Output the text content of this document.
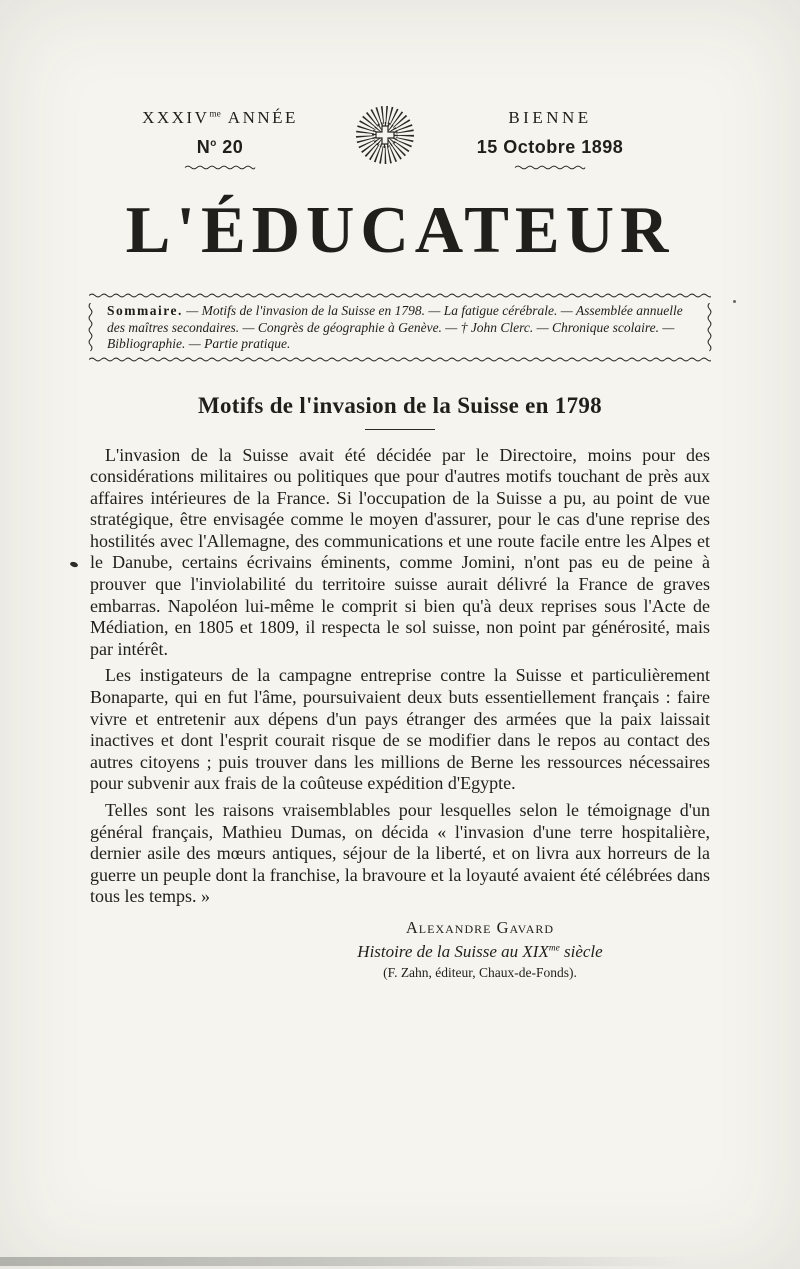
$XXXIV^{me}$ ANNÉE
$N^o$ 20
BIENNE
15 Octobre 1898
L'ÉDUCATEUR

Sommaire. — Motifs de l'invasion de la Suisse en 1798. — La fatigue cérébrale. — Assemblée annuelle des maîtres secondaires. — Congrès de géographie à Genève. — † John Clerc. — Chronique scolaire. — Bibliographie. — Partie pratique.

Motifs de l'invasion de la Suisse en 1798

L'invasion de la Suisse avait été décidée par le Directoire, moins pour des considérations militaires ou politiques que pour d'autres motifs touchant de près aux affaires intérieures de la France. Si l'occupation de la Suisse a pu, au point de vue stratégique, être envisagée comme le moyen d'assurer, pour le cas d'une reprise des hostilités avec l'Allemagne, des communications et une route facile entre les Alpes et le Danube, certains écrivains éminents, comme Jomini, n'ont pas eu de peine à prouver que l'inviolabilité du territoire suisse aurait délivré la France de graves embarras. Napoléon lui-même le comprit si bien qu'à deux reprises sous l'Acte de Médiation, en 1805 et 1809, il respecta le sol suisse, non point par générosité, mais par intérêt.

Les instigateurs de la campagne entreprise contre la Suisse et particulièrement Bonaparte, qui en fut l'âme, poursuivaient deux buts essentiellement français : faire vivre et entretenir aux dépens d'un pays étranger des armées que la paix laissait inactives et dont l'esprit courait risque de se modifier dans le repos au contact des autres citoyens ; puis trouver dans les millions de Berne les ressources nécessaires pour subvenir aux frais de la coûteuse expédition d'Egypte.

Telles sont les raisons vraisemblables pour lesquelles selon le témoignage d'un général français, Mathieu Dumas, on décida « l'invasion d'une terre hospitalière, dernier asile des mœurs antiques, séjour de la liberté, et on livra aux horreurs de la guerre un peuple dont la franchise, la bravoure et la loyauté avaient été célébrées dans tous les temps. »

Alexandre Gavard
Histoire de la Suisse au $XIX^{me}$ siècle
(F. Zahn, éditeur, Chaux-de-Fonds).
